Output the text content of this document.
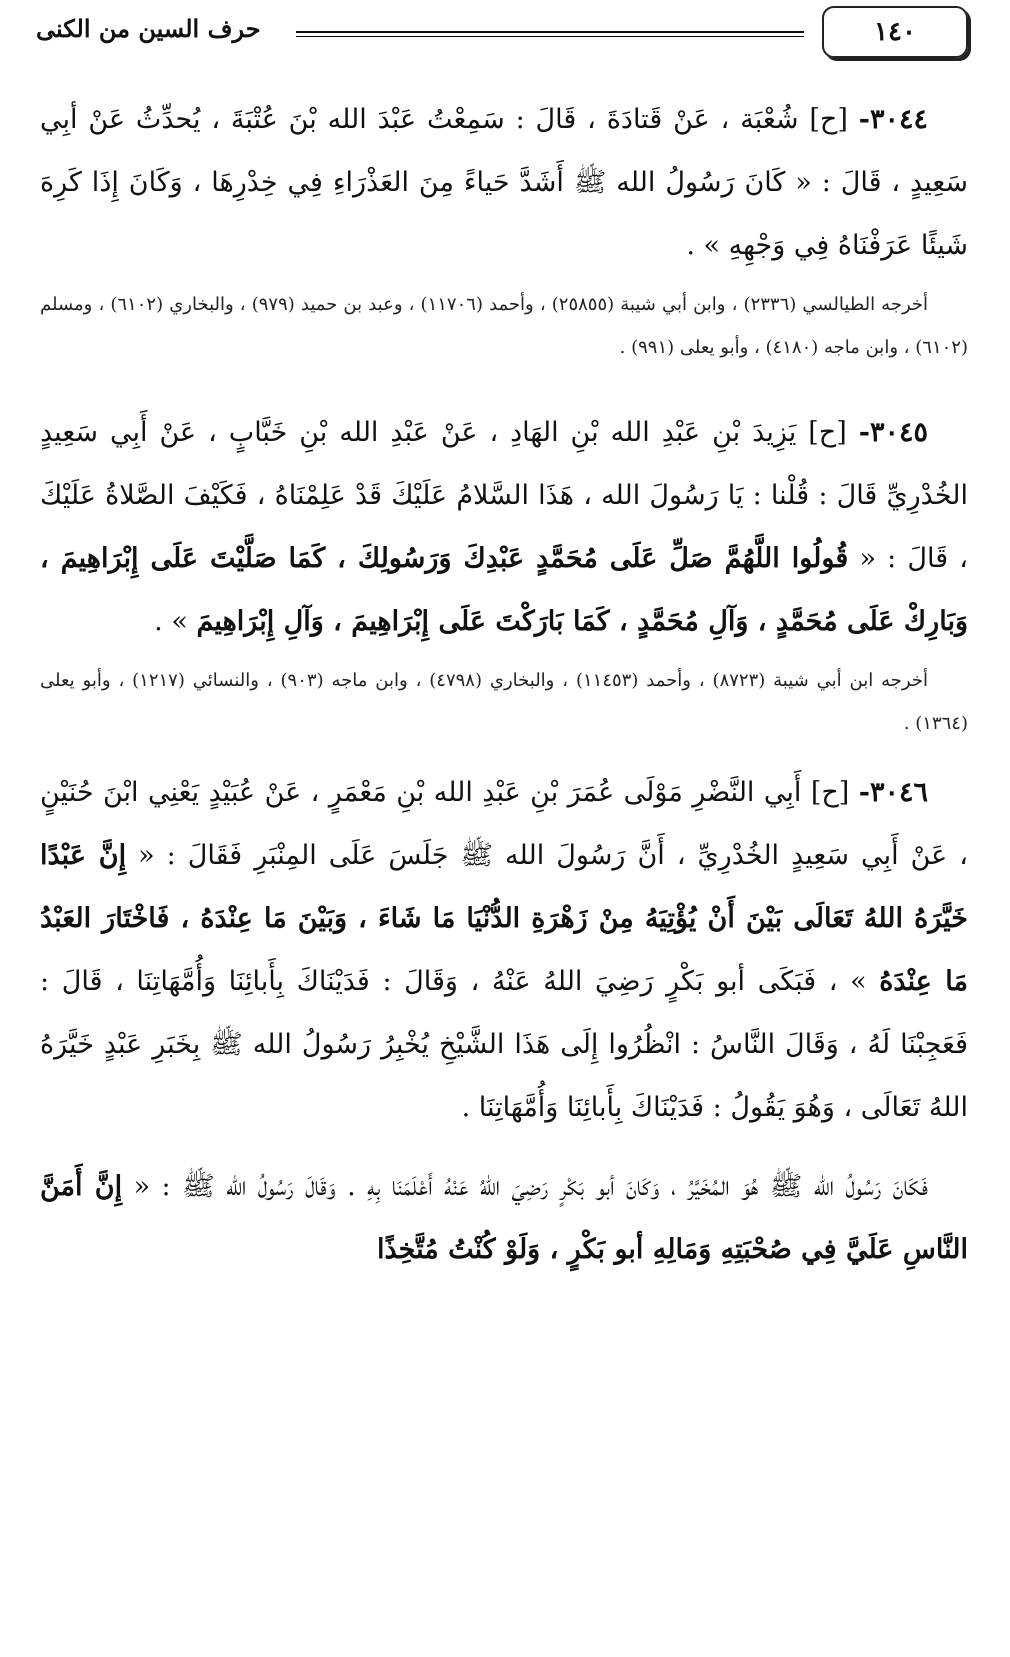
١٤٠
حرف السين من الكنى

٣٠٤٤- [ح] شُعْبَة ، عَنْ قَتادَةَ ، قَالَ : سَمِعْتُ عَبْدَ الله بْنَ عُتْبَةَ ، يُحدِّثُ عَنْ أبِي سَعِيدٍ ، قَالَ : « كَانَ رَسُولُ الله ﷺ أَشَدَّ حَياءً مِنَ العَذْرَاءِ فِي خِدْرِهَا ، وَكَانَ إِذَا كَرِهَ شَيئًا عَرَفْنَاهُ فِي وَجْهِهِ » .

أخرجه الطيالسي (٢٣٣٦) ، وابن أبي شيبة (٢٥٨٥٥) ، وأحمد (١١٧٠٦) ، وعبد بن حميد (٩٧٩) ، والبخاري (٦١٠٢) ، ومسلم (٦١٠٢) ، وابن ماجه (٤١٨٠) ، وأبو يعلى (٩٩١) .

٣٠٤٥- [ح] يَزِيدَ بْنِ عَبْدِ الله بْنِ الهَادِ ، عَنْ عَبْدِ الله بْنِ خَبَّابٍ ، عَنْ أَبِي سَعِيدٍ الخُدْرِيِّ قَالَ : قُلْنا : يَا رَسُولَ الله ، هَذَا السَّلامُ عَلَيْكَ قَدْ عَلِمْنَاهُ ، فَكَيْفَ الصَّلاةُ عَلَيْكَ ، قَالَ : « قُولُوا اللَّهُمَّ صَلِّ عَلَى مُحَمَّدٍ عَبْدِكَ وَرَسُولِكَ ، كَمَا صَلَّيْتَ عَلَى إِبْرَاهِيمَ ، وَبَارِكْ عَلَى مُحَمَّدٍ ، وَآلِ مُحَمَّدٍ ، كَمَا بَارَكْتَ عَلَى إِبْرَاهِيمَ ، وَآلِ إِبْرَاهِيمَ » .

أخرجه ابن أبي شيبة (٨٧٢٣) ، وأحمد (١١٤٥٣) ، والبخاري (٤٧٩٨) ، وابن ماجه (٩٠٣) ، والنسائي (١٢١٧) ، وأبو يعلى (١٣٦٤) .

٣٠٤٦- [ح] أَبِي النَّضْرِ مَوْلَى عُمَرَ بْنِ عَبْدِ الله بْنِ مَعْمَرٍ ، عَنْ عُبَيْدٍ يَعْنِي ابْنَ حُنَيْنٍ ، عَنْ أَبِي سَعِيدٍ الخُدْرِيِّ ، أَنَّ رَسُولَ الله ﷺ جَلَسَ عَلَى المِنْبَرِ فَقَالَ : « إِنَّ عَبْدًا خَيَّرَهُ اللهُ تَعَالَى بَيْنَ أَنْ يُؤْتِيَهُ مِنْ زَهْرَةِ الدُّنْيَا مَا شَاءَ ، وَبَيْنَ مَا عِنْدَهُ ، فَاخْتَارَ العَبْدُ مَا عِنْدَهُ » ، فَبَكَى أبو بَكْرٍ رَضِيَ اللهُ عَنْهُ ، وَقَالَ : فَدَيْنَاكَ بِأَبائِنَا وَأُمَّهَاتِنَا ، قَالَ : فَعَجِبْنَا لَهُ ، وَقَالَ النَّاسُ : انْظُرُوا إِلَى هَذَا الشَّيْخِ يُخْبِرُ رَسُولُ الله ﷺ بِخَبَرِ عَبْدٍ خَيَّرَهُ اللهُ تَعَالَى ، وَهُوَ يَقُولُ : فَدَيْنَاكَ بِأَبائِنَا وَأُمَّهَاتِنَا .

فَكَانَ رَسُولُ الله ﷺ هُوَ المُخَيَّرُ ، وَكَانَ أبو بَكْرٍ رَضِيَ اللهُ عَنْهُ أَعْلَمَنَا بِهِ . وَقَالَ رَسُولُ الله ﷺ : « إِنَّ أَمَنَّ النَّاسِ عَلَيَّ فِي صُحْبَتِهِ وَمَالِهِ أبو بَكْرٍ ، وَلَوْ كُنْتُ مُتَّخِذًا
